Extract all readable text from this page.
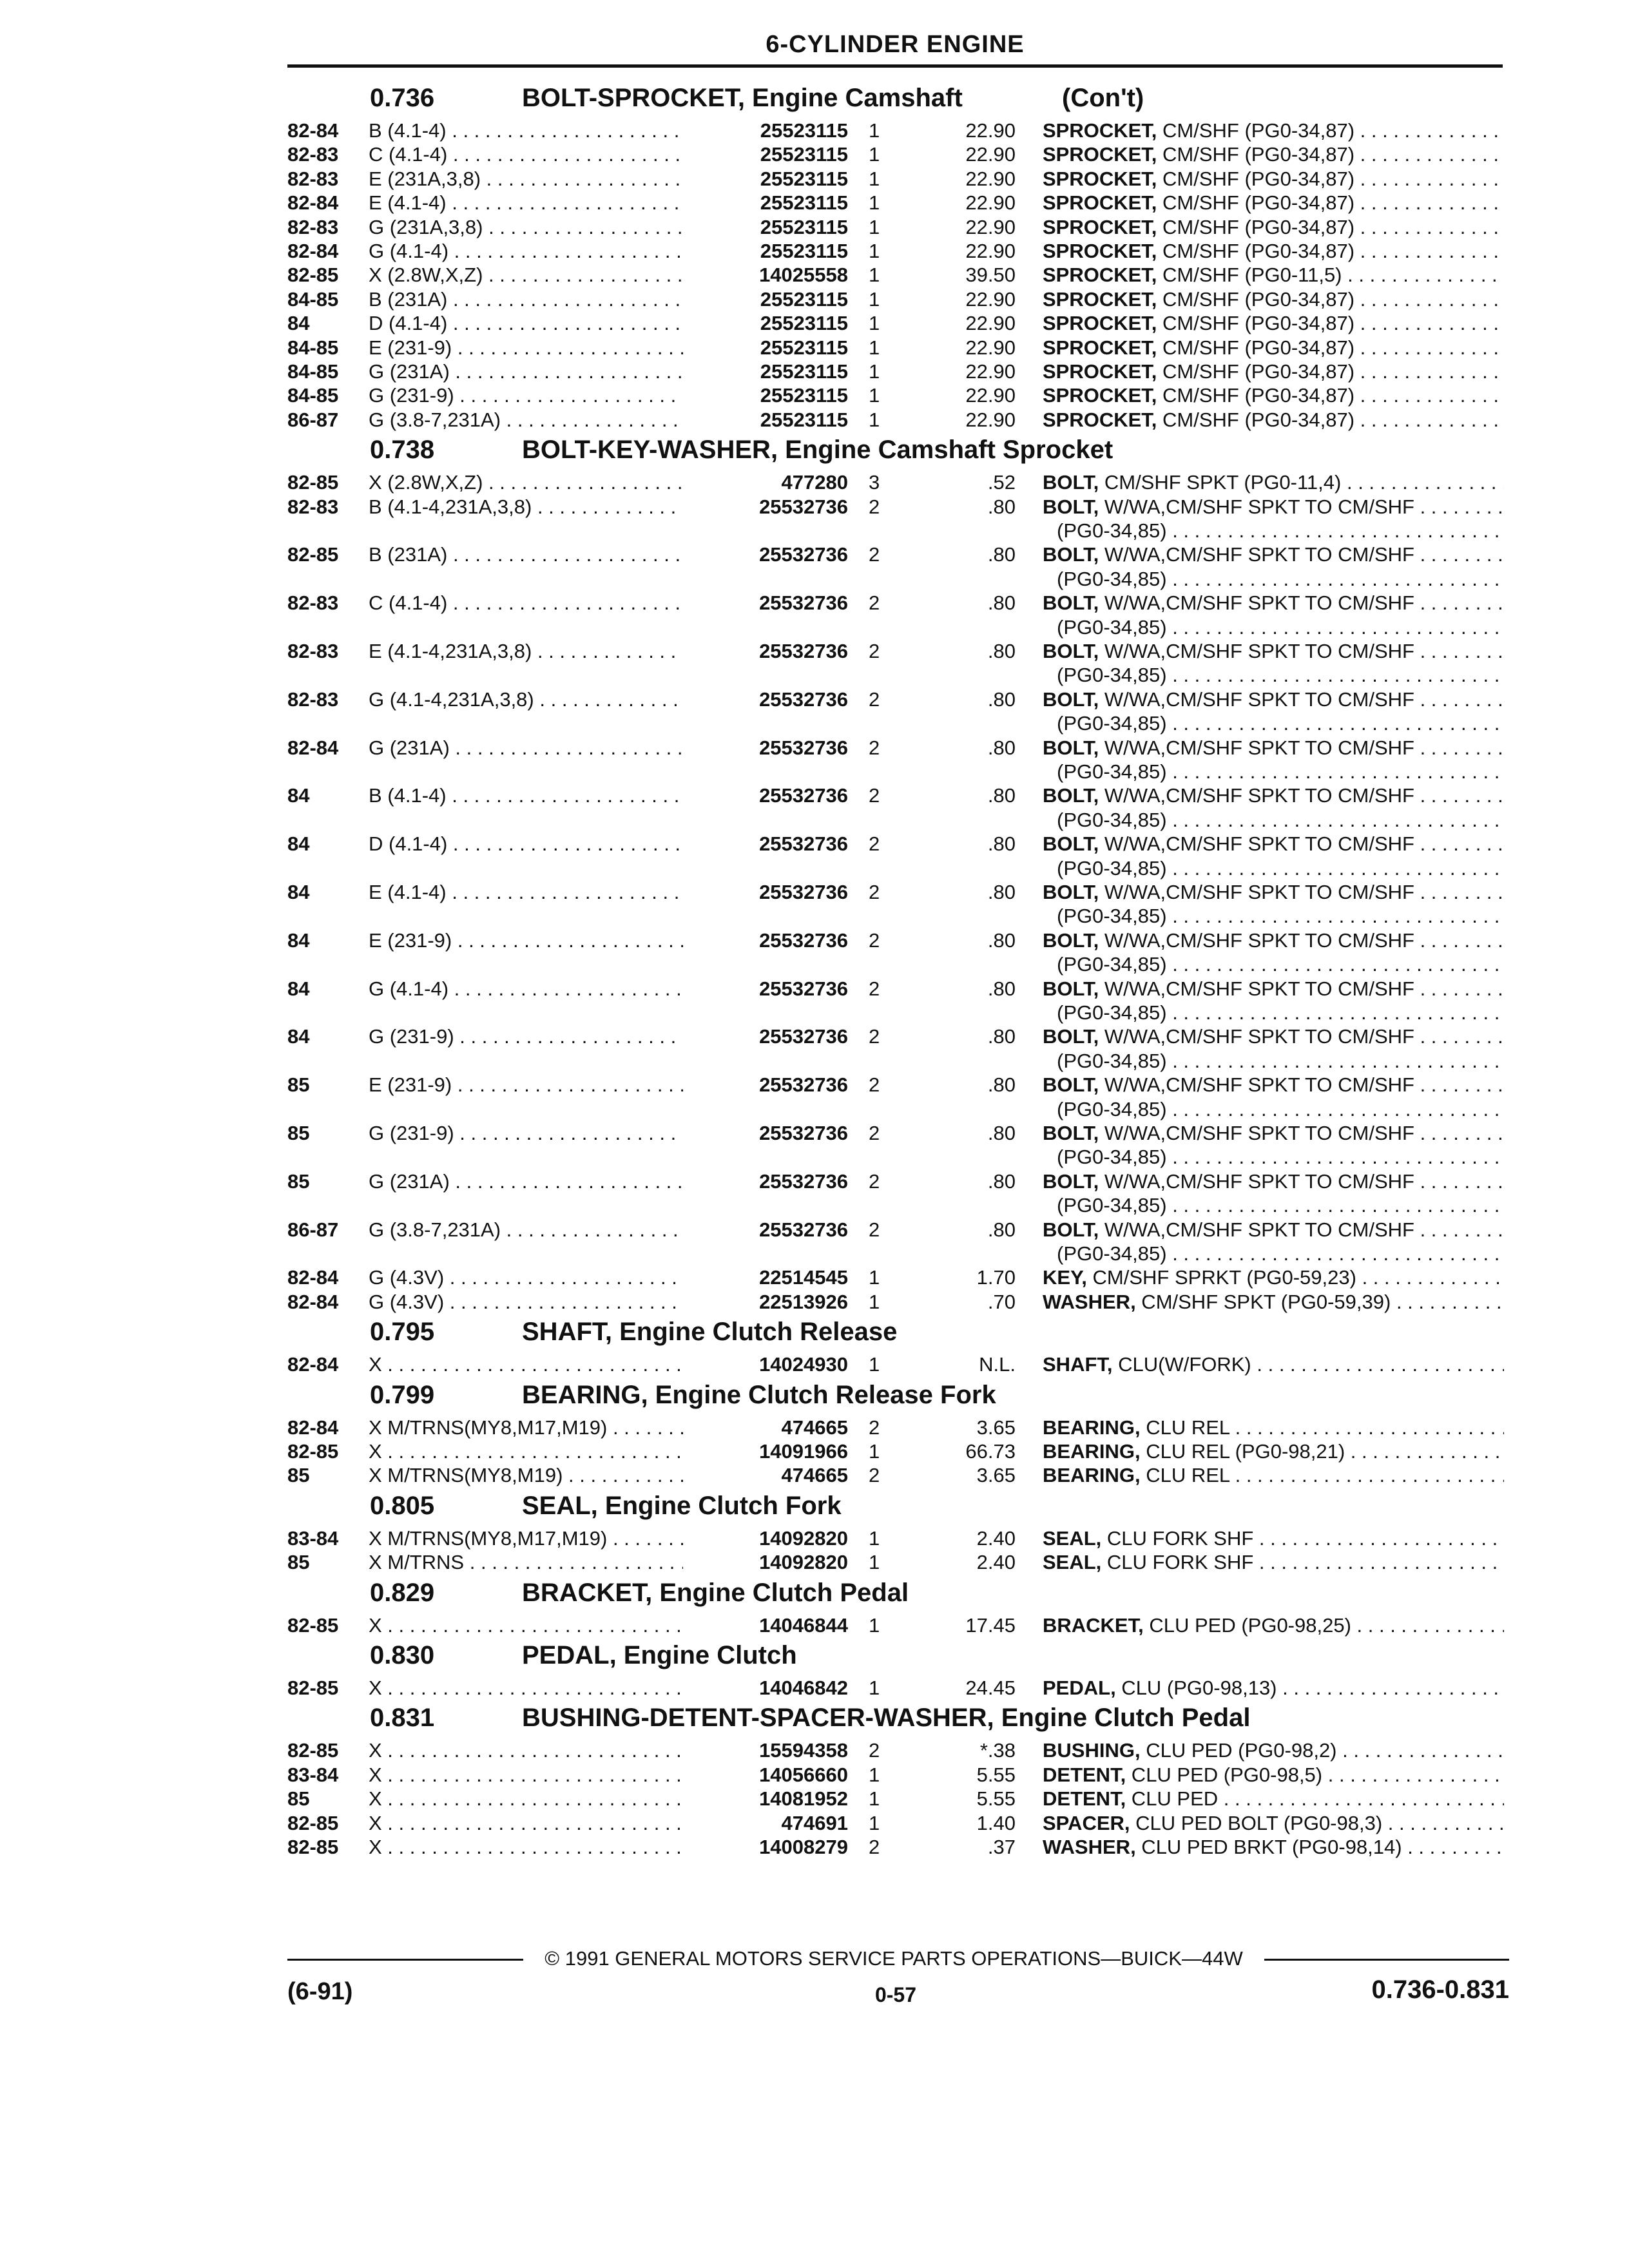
6-CYLINDER ENGINE
0.736	BOLT-SPROCKET, Engine Camshaft	(Con't)
82-84 B (4.1-4) . . .	25523115 1	22.90 SPROCKET, CM/SHF (PG0-34,87) . . .
82-83 C (4.1-4) . . .	25523115 1	22.90 SPROCKET, CM/SHF (PG0-34,87) . . .
82-83 E (231A,3,8) . . .	25523115 1	22.90 SPROCKET, CM/SHF (PG0-34,87) . . .
82-84 E (4.1-4) . . .	25523115 1	22.90 SPROCKET, CM/SHF (PG0-34,87) . . .
82-83 G (231A,3,8) . . .	25523115 1	22.90 SPROCKET, CM/SHF (PG0-34,87) . . .
82-84 G (4.1-4) . . .	25523115 1	22.90 SPROCKET, CM/SHF (PG0-34,87) . . .
82-85 X (2.8W,X,Z) . . .	14025558 1	39.50 SPROCKET, CM/SHF (PG0-11,5) . . .
84-85 B (231A) . . .	25523115 1	22.90 SPROCKET, CM/SHF (PG0-34,87) . . .
84	D (4.1-4) . . .	25523115 1	22.90 SPROCKET, CM/SHF (PG0-34,87) . . .
84-85 E (231-9) . . .	25523115 1	22.90 SPROCKET, CM/SHF (PG0-34,87) . . .
84-85 G (231A) . . .	25523115 1	22.90 SPROCKET, CM/SHF (PG0-34,87) . . .
84-85 G (231-9) . . .	25523115 1	22.90 SPROCKET, CM/SHF (PG0-34,87) . . .
86-87 G (3.8-7,231A) . . .	25523115 1	22.90 SPROCKET, CM/SHF (PG0-34,87) . . .
0.738	BOLT-KEY-WASHER, Engine Camshaft Sprocket
82-85 X (2.8W,X,Z) . . .	477280 3	.52 BOLT, CM/SHF SPKT (PG0-11,4) . . .
82-83 B (4.1-4,231A,3,8) . . .	25532736 2	.80 BOLT, W/WA,CM/SHF SPKT TO CM/SHF . . .
(PG0-34,85) . . .
82-85 B (231A) . . .	25532736 2	.80 BOLT, W/WA,CM/SHF SPKT TO CM/SHF . . .
(PG0-34,85) . . .
82-83 C (4.1-4) . . .	25532736 2	.80 BOLT, W/WA,CM/SHF SPKT TO CM/SHF . . .
(PG0-34,85) . . .
82-83 E (4.1-4,231A,3,8) . . .	25532736 2	.80 BOLT, W/WA,CM/SHF SPKT TO CM/SHF . . .
(PG0-34,85) . . .
82-83 G (4.1-4,231A,3,8) . . .	25532736 2	.80 BOLT, W/WA,CM/SHF SPKT TO CM/SHF . . .
(PG0-34,85) . . .
82-84 G (231A) . . .	25532736 2	.80 BOLT, W/WA,CM/SHF SPKT TO CM/SHF . . .
(PG0-34,85) . . .
84	B (4.1-4) . . .	25532736 2	.80 BOLT, W/WA,CM/SHF SPKT TO CM/SHF . . .
(PG0-34,85) . . .
84	D (4.1-4) . . .	25532736 2	.80 BOLT, W/WA,CM/SHF SPKT TO CM/SHF . . .
(PG0-34,85) . . .
84	E (4.1-4) . . .	25532736 2	.80 BOLT, W/WA,CM/SHF SPKT TO CM/SHF . . .
(PG0-34,85) . . .
84	E (231-9) . . .	25532736 2	.80 BOLT, W/WA,CM/SHF SPKT TO CM/SHF . . .
(PG0-34,85) . . .
84	G (4.1-4) . . .	25532736 2	.80 BOLT, W/WA,CM/SHF SPKT TO CM/SHF . . .
(PG0-34,85) . . .
84	G (231-9) . . .	25532736 2	.80 BOLT, W/WA,CM/SHF SPKT TO CM/SHF . . .
(PG0-34,85) . . .
85	E (231-9) . . .	25532736 2	.80 BOLT, W/WA,CM/SHF SPKT TO CM/SHF . . .
(PG0-34,85) . . .
85	G (231-9) . . .	25532736 2	.80 BOLT, W/WA,CM/SHF SPKT TO CM/SHF . . .
(PG0-34,85) . . .
85	G (231A) . . .	25532736 2	.80 BOLT, W/WA,CM/SHF SPKT TO CM/SHF . . .
(PG0-34,85) . . .
86-87 G (3.8-7,231A) . . .	25532736 2	.80 BOLT, W/WA,CM/SHF SPKT TO CM/SHF . . .
(PG0-34,85) . . .
82-84 G (4.3V) . . .	22514545 1	1.70 KEY, CM/SHF SPRKT (PG0-59,23) . . .
82-84 G (4.3V) . . .	22513926 1	.70 WASHER, CM/SHF SPKT (PG0-59,39) . . .
0.795	SHAFT, Engine Clutch Release
82-84 X . . .	14024930 1	N.L. SHAFT, CLU(W/FORK) . . .
0.799	BEARING, Engine Clutch Release Fork
82-84 X M/TRNS(MY8,M17,M19) . . .	474665 2	3.65 BEARING, CLU REL . . .
82-85 X . . .	14091966 1	66.73 BEARING, CLU REL (PG0-98,21) . . .
85	X M/TRNS(MY8,M19) . . .	474665 2	3.65 BEARING, CLU REL . . .
0.805	SEAL, Engine Clutch Fork
83-84 X M/TRNS(MY8,M17,M19) . . .	14092820 1	2.40 SEAL, CLU FORK SHF . . .
85	X M/TRNS . . .	14092820 1	2.40 SEAL, CLU FORK SHF . . .
0.829	BRACKET, Engine Clutch Pedal
82-85 X . . .	14046844 1	17.45 BRACKET, CLU PED (PG0-98,25) . . .
0.830	PEDAL, Engine Clutch
82-85 X . . .	14046842 1	24.45 PEDAL, CLU (PG0-98,13) . . .
0.831	BUSHING-DETENT-SPACER-WASHER, Engine Clutch Pedal
82-85 X . . .	15594358 2	*.38 BUSHING, CLU PED (PG0-98,2) . . .
83-84 X . . .	14056660 1	5.55 DETENT, CLU PED (PG0-98,5) . . .
85	X . . .	14081952 1	5.55 DETENT, CLU PED . . .
82-85 X . . .	474691 1	1.40 SPACER, CLU PED BOLT (PG0-98,3) . . .
82-85 X . . .	14008279 2	.37 WASHER, CLU PED BRKT (PG0-98,14) . . .
© 1991 GENERAL MOTORS SERVICE PARTS OPERATIONS—BUICK—44W
(6-91)	0-57	0.736-0.831
